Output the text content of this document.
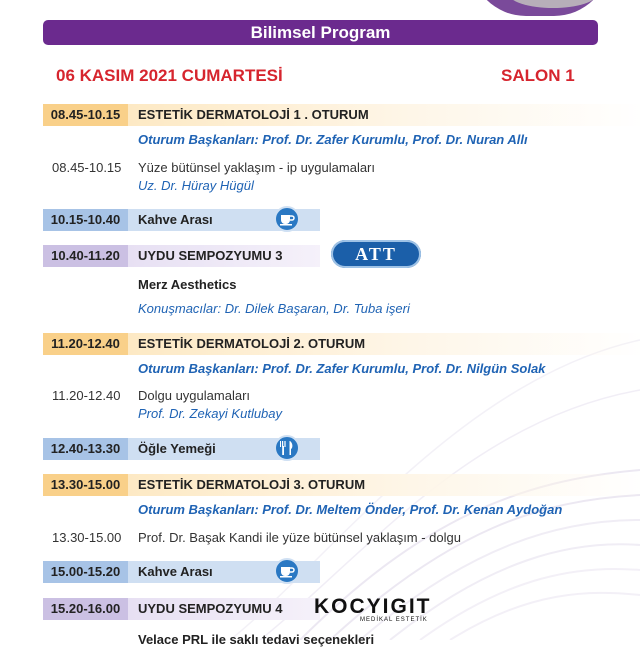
Bilimsel Program
06 KASIM 2021 CUMARTESİ	SALON 1
08.45-10.15	ESTETİK DERMATOLOJİ 1 . OTURUM
Oturum Başkanları: Prof. Dr. Zafer Kurumlu, Prof. Dr. Nuran Allı
08.45-10.15 Yüze bütünsel yaklaşım - ip uygulamaları
Uz. Dr. Hüray Hügül
10.15-10.40	Kahve Arası
10.40-11.20	UYDU SEMPOZYUMU 3	ATT
Merz Aesthetics
Konuşmacılar: Dr. Dilek Başaran, Dr. Tuba işeri
11.20-12.40	ESTETİK DERMATOLOJİ 2. OTURUM
Oturum Başkanları: Prof. Dr. Zafer Kurumlu, Prof. Dr. Nilgün Solak
11.20-12.40 Dolgu uygulamaları
Prof. Dr. Zekayi Kutlubay
12.40-13.30	Öğle Yemeği
13.30-15.00	ESTETİK DERMATOLOJİ 3. OTURUM
Oturum Başkanları: Prof. Dr. Meltem Önder, Prof. Dr. Kenan Aydoğan
13.30-15.00 Prof. Dr. Başak Kandi ile yüze bütünsel yaklaşım - dolgu
15.00-15.20	Kahve Arası
15.20-16.00	UYDU SEMPOZYUMU 4	KOCYIGIT
MEDİKAL ESTETİK
Velace PRL ile saklı tedavi seçenekleri
